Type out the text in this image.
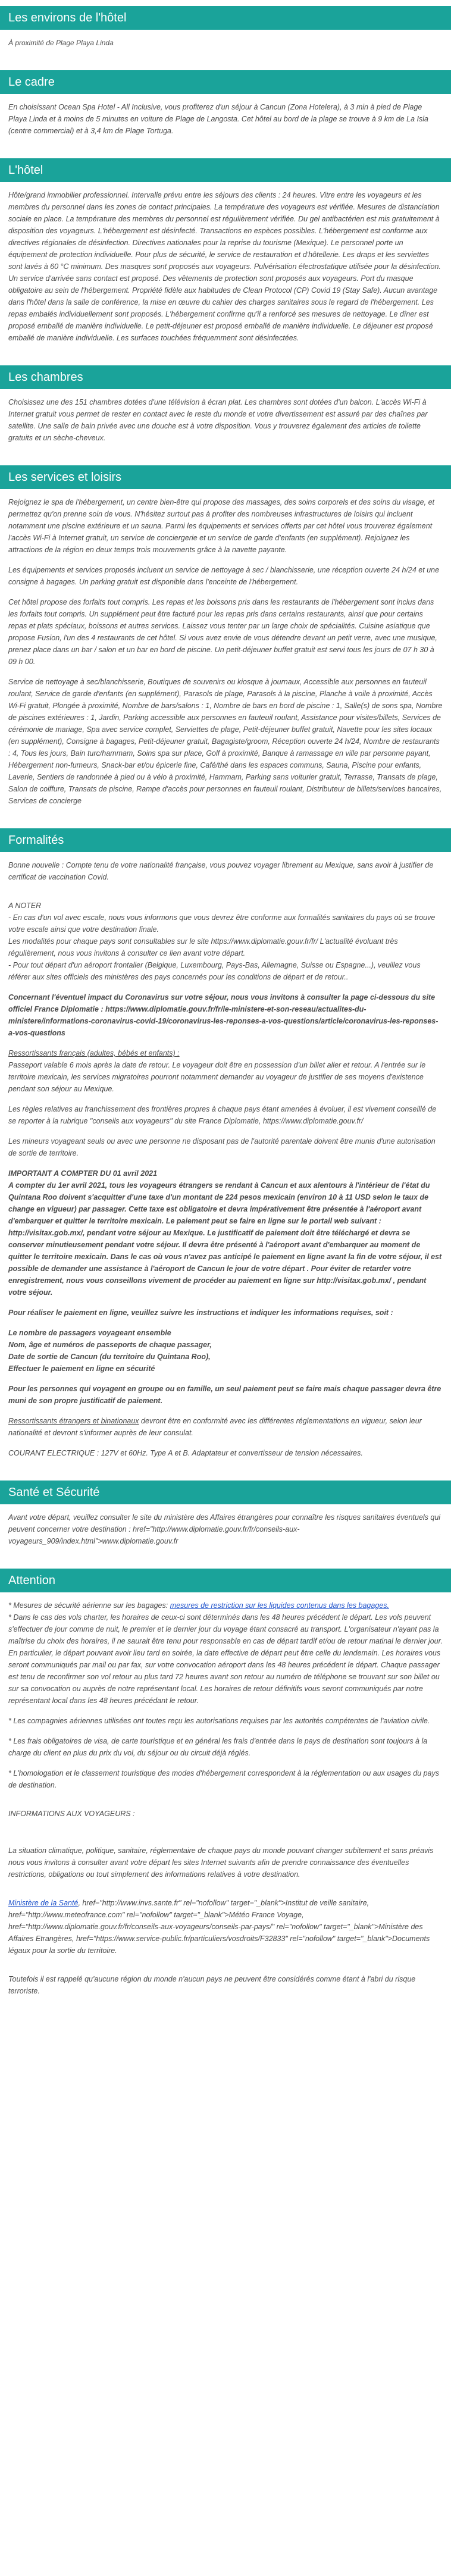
Les environs de l'hôtel

À proximité de Plage Playa Linda

Le cadre

En choisissant Ocean Spa Hotel - All Inclusive, vous profiterez d'un séjour à Cancun (Zona Hotelera), à 3 min à pied de Plage Playa Linda et à moins de 5 minutes en voiture de Plage de Langosta. Cet hôtel au bord de la plage se trouve à 9 km de La Isla (centre commercial) et à 3,4 km de Plage Tortuga.

L'hôtel

Hôte/grand immobilier professionnel. Intervalle prévu entre les séjours des clients : 24 heures. Vitre entre les voyageurs et les membres du personnel dans les zones de contact principales. La température des voyageurs est vérifiée. Mesures de distanciation sociale en place. La température des membres du personnel est régulièrement vérifiée. Du gel antibactérien est mis gratuitement à disposition des voyageurs. L'hébergement est désinfecté. Transactions en espèces possibles. L'hébergement est conforme aux directives régionales de désinfection. Directives nationales pour la reprise du tourisme (Mexique). Le personnel porte un équipement de protection individuelle. Pour plus de sécurité, le service de restauration et d'hôtellerie. Les draps et les serviettes sont lavés à 60 °C minimum. Des masques sont proposés aux voyageurs. Pulvérisation électrostatique utilisée pour la désinfection. Un service d'arrivée sans contact est proposé. Des vêtements de protection sont proposés aux voyageurs. Port du masque obligatoire au sein de l'hébergement. Propriété fidèle aux habitudes de Clean Protocol (CP) Covid 19 (Stay Safe). Aucun avantage dans l'hôtel dans la salle de conférence, la mise en œuvre du cahier des charges sanitaires sous le regard de l'hébergement. Les repas embalés individuellement sont proposés. L'hébergement confirme qu'il a renforcé ses mesures de nettoyage. Le dîner est proposé emballé de manière individuelle. Le petit-déjeuner est proposé emballé de manière individuelle. Le déjeuner est proposé emballé de manière individuelle. Les surfaces touchées fréquemment sont désinfectées.

Les chambres

Choisissez une des 151 chambres dotées d'une télévision à écran plat. Les chambres sont dotées d'un balcon. L'accès Wi-Fi à Internet gratuit vous permet de rester en contact avec le reste du monde et votre divertissement est assuré par des chaînes par satellite. Une salle de bain privée avec une douche est à votre disposition. Vous y trouverez également des articles de toilette gratuits et un sèche-cheveux.

Les services et loisirs

Rejoignez le spa de l'hébergement, un centre bien-être qui propose des massages, des soins corporels et des soins du visage, et permettez qu'on prenne soin de vous. N'hésitez surtout pas à profiter des nombreuses infrastructures de loisirs qui incluent notamment une piscine extérieure et un sauna. Parmi les équipements et services offerts par cet hôtel vous trouverez également l'accès Wi-Fi à Internet gratuit, un service de conciergerie et un service de garde d'enfants (en supplément). Rejoignez les attractions de la région en deux temps trois mouvements grâce à la navette payante.

Les équipements et services proposés incluent un service de nettoyage à sec / blanchisserie, une réception ouverte 24 h/24 et une consigne à bagages. Un parking gratuit est disponible dans l'enceinte de l'hébergement.

Cet hôtel propose des forfaits tout compris. Les repas et les boissons pris dans les restaurants de l'hébergement sont inclus dans les forfaits tout compris. Un supplément peut être facturé pour les repas pris dans certains restaurants, ainsi que pour certains repas et plats spéciaux, boissons et autres services. Laissez vous tenter par un large choix de spécialités. Cuisine asiatique que propose Fusion, l'un des 4 restaurants de cet hôtel. Si vous avez envie de vous détendre devant un petit verre, avec une musique, prenez place dans un bar / salon et un bar en bord de piscine. Un petit-déjeuner buffet gratuit est servi tous les jours de 07 h 30 à 09 h 00.

Service de nettoyage à sec/blanchisserie, Boutiques de souvenirs ou kiosque à journaux, Accessible aux personnes en fauteuil roulant, Service de garde d'enfants (en supplément), Parasols de plage, Parasols à la piscine, Planche à voile à proximité, Accès Wi-Fi gratuit, Plongée à proximité, Nombre de bars/salons : 1, Nombre de bars en bord de piscine : 1, Salle(s) de sons spa, Nombre de piscines extérieures : 1, Jardin, Parking accessible aux personnes en fauteuil roulant, Assistance pour visites/billets, Services de cérémonie de mariage, Spa avec service complet, Serviettes de plage, Petit-déjeuner buffet gratuit, Navette pour les sites locaux (en supplément), Consigne à bagages, Petit-déjeuner gratuit, Bagagiste/groom, Réception ouverte 24 h/24, Nombre de restaurants : 4, Tous les jours, Bain turc/hammam, Soins spa sur place, Golf à proximité, Banque à ramassage en ville par personne payant, Hébergement non-fumeurs, Snack-bar et/ou épicerie fine, Café/thé dans les espaces communs, Sauna, Piscine pour enfants, Laverie, Sentiers de randonnée à pied ou à vélo à proximité, Hammam, Parking sans voiturier gratuit, Terrasse, Transats de plage, Salon de coiffure, Transats de piscine, Rampe d'accès pour personnes en fauteuil roulant, Distributeur de billets/services bancaires, Services de concierge

Formalités

Bonne nouvelle : Compte tenu de votre nationalité française, vous pouvez voyager librement au Mexique, sans avoir à justifier de certificat de vaccination Covid.

A NOTER

- En cas d'un vol avec escale, nous vous informons que vous devrez être conforme aux formalités sanitaires du pays où se trouve votre escale ainsi que votre destination finale.

Les modalités pour chaque pays sont consultables sur le site https://www.diplomatie.gouv.fr/fr/ L'actualité évoluant très régulièrement, nous vous invitons à consulter ce lien avant votre départ.

- Pour tout départ d'un aéroport frontalier (Belgique, Luxembourg, Pays-Bas, Allemagne, Suisse ou Espagne...), veuillez vous référer aux sites officiels des ministères des pays concernés pour les conditions de départ et de retour..

Concernant l'éventuel impact du Coronavirus sur votre séjour, nous vous invitons à consulter la page ci-dessous du site officiel France Diplomatie : https://www.diplomatie.gouv.fr/fr/le-ministere-et-son-reseau/actualites-du-ministere/informations-coronavirus-covid-19/coronavirus-les-reponses-a-vos-questions/article/coronavirus-les-reponses-a-vos-questions

Ressortissants français (adultes, bébés et enfants) :

Passeport valable 6 mois après la date de retour. Le voyageur doit être en possession d'un billet aller et retour. A l'entrée sur le territoire mexicain, les services migratoires pourront notamment demander au voyageur de justifier de ses moyens d'existence pendant son séjour au Mexique.

Les règles relatives au franchissement des frontières propres à chaque pays étant amenées à évoluer, il est vivement conseillé de se reporter à la rubrique "conseils aux voyageurs" du site France Diplomatie, https://www.diplomatie.gouv.fr/

Les mineurs voyageant seuls ou avec une personne ne disposant pas de l'autorité parentale doivent être munis d'une autorisation de sortie de territoire.

IMPORTANT A COMPTER DU 01 avril 2021

A compter du 1er avril 2021, tous les voyageurs étrangers se rendant à Cancun et aux alentours à l'intérieur de l'état du Quintana Roo doivent s'acquitter d'une taxe d'un montant de 224 pesos mexicain (environ 10 à 11 USD selon le taux de change en vigueur) par passager. Cette taxe est obligatoire et devra impérativement être présentée à l'aéroport avant d'embarquer et quitter le territoire mexicain. Le paiement peut se faire en ligne sur le portail web suivant : http://visitax.gob.mx/, pendant votre séjour au Mexique. Le justificatif de paiement doit être téléchargé et devra se conserver minutieusement pendant votre séjour. Il devra être présenté à l'aéroport avant d'embarquer au moment de quitter le territoire mexicain. Dans le cas où vous n'avez pas anticipé le paiement en ligne avant la fin de votre séjour, il est possible de demander une assistance à l'aéroport de Cancun le jour de votre départ . Pour éviter de retarder votre enregistrement, nous vous conseillons vivement de procéder au paiement en ligne sur http://visitax.gob.mx/ , pendant votre séjour.

Pour réaliser le paiement en ligne, veuillez suivre les instructions et indiquer les informations requises, soit :

Le nombre de passagers voyageant ensemble
Nom, âge et numéros de passeports de chaque passager,
Date de sortie de Cancun (du territoire du Quintana Roo),
Effectuer le paiement en ligne en sécurité

Pour les personnes qui voyagent en groupe ou en famille, un seul paiement peut se faire mais chaque passager devra être muni de son propre justificatif de paiement.

Ressortissants étrangers et binationaux devront être en conformité avec les différentes réglementations en vigueur, selon leur nationalité et devront s'informer auprès de leur consulat.

COURANT ELECTRIQUE : 127V et 60Hz. Type A et B. Adaptateur et convertisseur de tension nécessaires.

Santé et Sécurité

Avant votre départ, veuillez consulter le site du ministère des Affaires étrangères pour connaître les risques sanitaires éventuels qui peuvent concerner votre destination : href="http://www.diplomatie.gouv.fr/fr/conseils-aux-voyageurs_909/index.html">www.diplomatie.gouv.fr

Attention

* Mesures de sécurité aérienne sur les bagages: mesures de restriction sur les liquides contenus dans les bagages.

* Dans le cas des vols charter, les horaires de ceux-ci sont déterminés dans les 48 heures précédent le départ. Les vols peuvent s'effectuer de jour comme de nuit, le premier et le dernier jour du voyage étant consacré au transport. L'organisateur n'ayant pas la maîtrise du choix des horaires, il ne saurait être tenu pour responsable en cas de départ tardif et/ou de retour matinal le dernier jour. En particulier, le départ pouvant avoir lieu tard en soirée, la date effective de départ peut être celle du lendemain. Les horaires vous seront communiqués par mail ou par fax, sur votre convocation aéroport dans les 48 heures précédent le départ. Chaque passager est tenu de reconfirmer son vol retour au plus tard 72 heures avant son retour au numéro de téléphone se trouvant sur son billet ou sur sa convocation ou auprès de notre représentant local. Les horaires de retour définitifs vous seront communiqués par notre représentant local dans les 48 heures précédant le retour.

* Les compagnies aériennes utilisées ont toutes reçu les autorisations requises par les autorités compétentes de l'aviation civile.

* Les frais obligatoires de visa, de carte touristique et en général les frais d'entrée dans le pays de destination sont toujours à la charge du client en plus du prix du vol, du séjour ou du circuit déjà réglés.

* L'homologation et le classement touristique des modes d'hébergement correspondent à la réglementation ou aux usages du pays de destination.

INFORMATIONS AUX VOYAGEURS :

La situation climatique, politique, sanitaire, réglementaire de chaque pays du monde pouvant changer subitement et sans préavis
nous vous invitons à consulter avant votre départ les sites Internet suivants afin de prendre connaissance des éventuelles restrictions, obligations ou tout simplement des informations relatives à votre destination.

Ministère de la Santé, href="http://www.invs.sante.fr" rel="nofollow" target="_blank">Institut de veille sanitaire, href="http://www.meteofrance.com" rel="nofollow" target="_blank">Météo France Voyage, href="http://www.diplomatie.gouv.fr/fr/conseils-aux-voyageurs/conseils-par-pays/" rel="nofollow" target="_blank">Ministère des Affaires Etrangères, href="https://www.service-public.fr/particuliers/vosdroits/F32833" rel="nofollow" target="_blank">Documents légaux pour la sortie du territoire.

Toutefois il est rappelé qu'aucune région du monde n'aucun pays ne peuvent être considérés comme étant à l'abri du risque terroriste.
